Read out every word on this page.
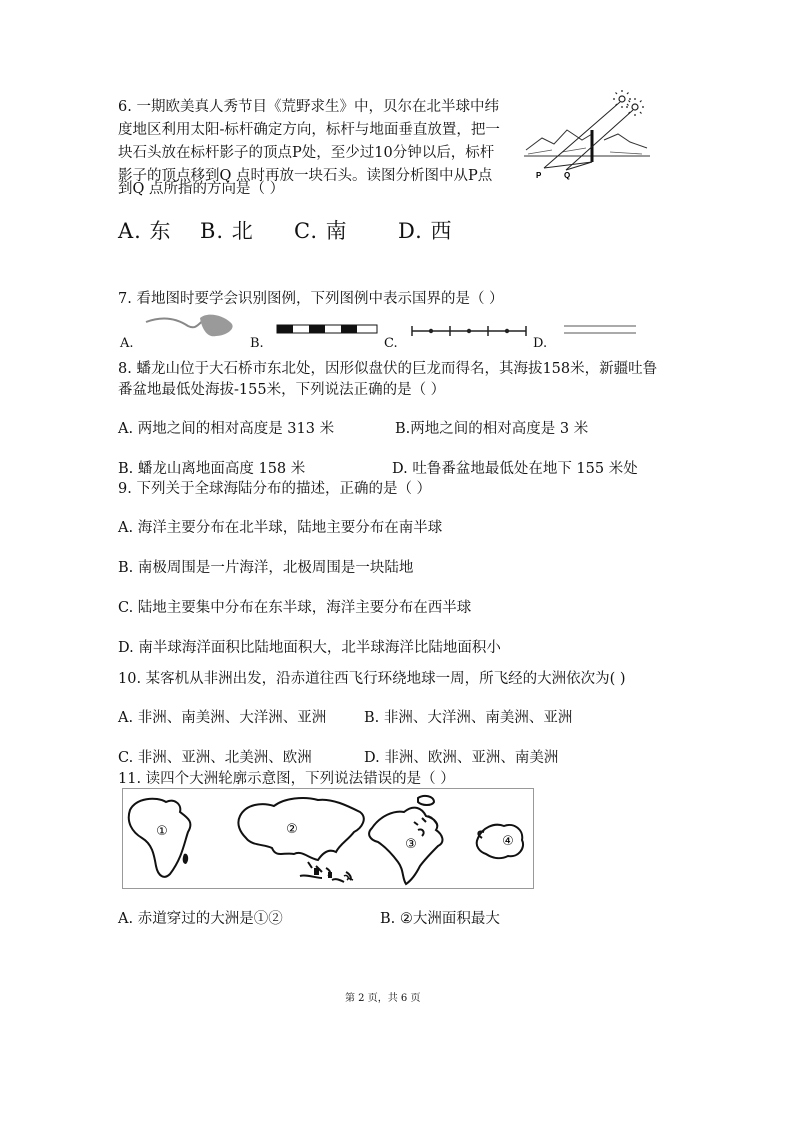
6. 一期欧美真人秀节目《荒野求生》中，贝尔在北半球中纬
度地区利用太阳-标杆确定方向，标杆与地面垂直放置，把一
块石头放在标杆影子的顶点P处，至少过10分钟以后，标杆
影子的顶点移到Q 点时再放一块石头。读图分析图中从P点
到Q 点所指的方向是（ ）
P	Q
A. 东 B. 北 C. 南 D. 西
7. 看地图时要学会识别图例，下列图例中表示国界的是（ ）
A.	B.	C.	D.
8. 蟠龙山位于大石桥市东北处，因形似盘伏的巨龙而得名，其海拔158米，新疆吐鲁
番盆地最低处海拔-155米，下列说法正确的是（ ）
A. 两地之间的相对高度是 313 米	B.两地之间的相对高度是 3 米
B. 蟠龙山离地面高度 158 米	D. 吐鲁番盆地最低处在地下 155 米处
9. 下列关于全球海陆分布的描述，正确的是（ ）
A. 海洋主要分布在北半球，陆地主要分布在南半球
B. 南极周围是一片海洋，北极周围是一块陆地
C. 陆地主要集中分布在东半球，海洋主要分布在西半球
D. 南半球海洋面积比陆地面积大，北半球海洋比陆地面积小
10. 某客机从非洲出发，沿赤道往西飞行环绕地球一周，所飞经的大洲依次为( )
A. 非洲、南美洲、大洋洲、亚洲	B. 非洲、大洋洲、南美洲、亚洲
C. 非洲、亚洲、北美洲、欧洲	D. 非洲、欧洲、亚洲、南美洲
11. 读四个大洲轮廓示意图，下列说法错误的是（ ）
①	②
③	④
A. 赤道穿过的大洲是①②	B. ②大洲面积最大
第 2 页，共 6 页
